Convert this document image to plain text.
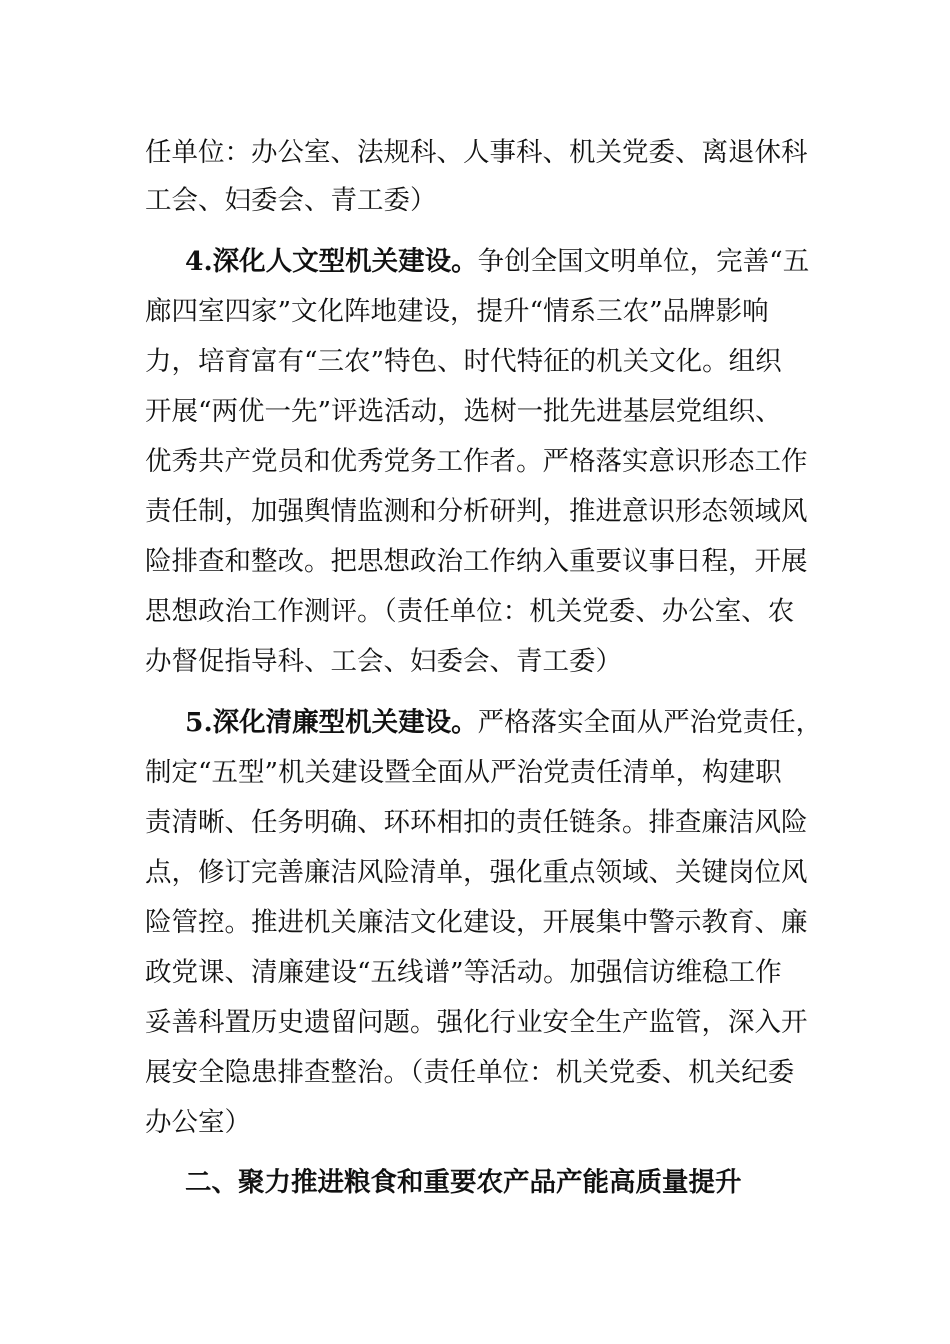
任单位：办公室、法规科、人事科、机关党委、离退休科
工会、妇委会、青工委）
4.深化人文型机关建设。争创全国文明单位，完善“五
廊四室四家”文化阵地建设，提升“情系三农”品牌影响
力，培育富有“三农”特色、时代特征的机关文化。组织
开展“两优一先”评选活动，选树一批先进基层党组织、
优秀共产党员和优秀党务工作者。严格落实意识形态工作
责任制，加强舆情监测和分析研判，推进意识形态领域风
险排查和整改。把思想政治工作纳入重要议事日程，开展
思想政治工作测评。（责任单位：机关党委、办公室、农
办督促指导科、工会、妇委会、青工委）
5.深化清廉型机关建设。严格落实全面从严治党责任，
制定“五型”机关建设暨全面从严治党责任清单，构建职
责清晰、任务明确、环环相扣的责任链条。排查廉洁风险
点，修订完善廉洁风险清单，强化重点领域、关键岗位风
险管控。推进机关廉洁文化建设，开展集中警示教育、廉
政党课、清廉建设“五线谱”等活动。加强信访维稳工作
妥善科置历史遗留问题。强化行业安全生产监管，深入开
展安全隐患排查整治。（责任单位：机关党委、机关纪委
办公室）
二、聚力推进粮食和重要农产品产能高质量提升
